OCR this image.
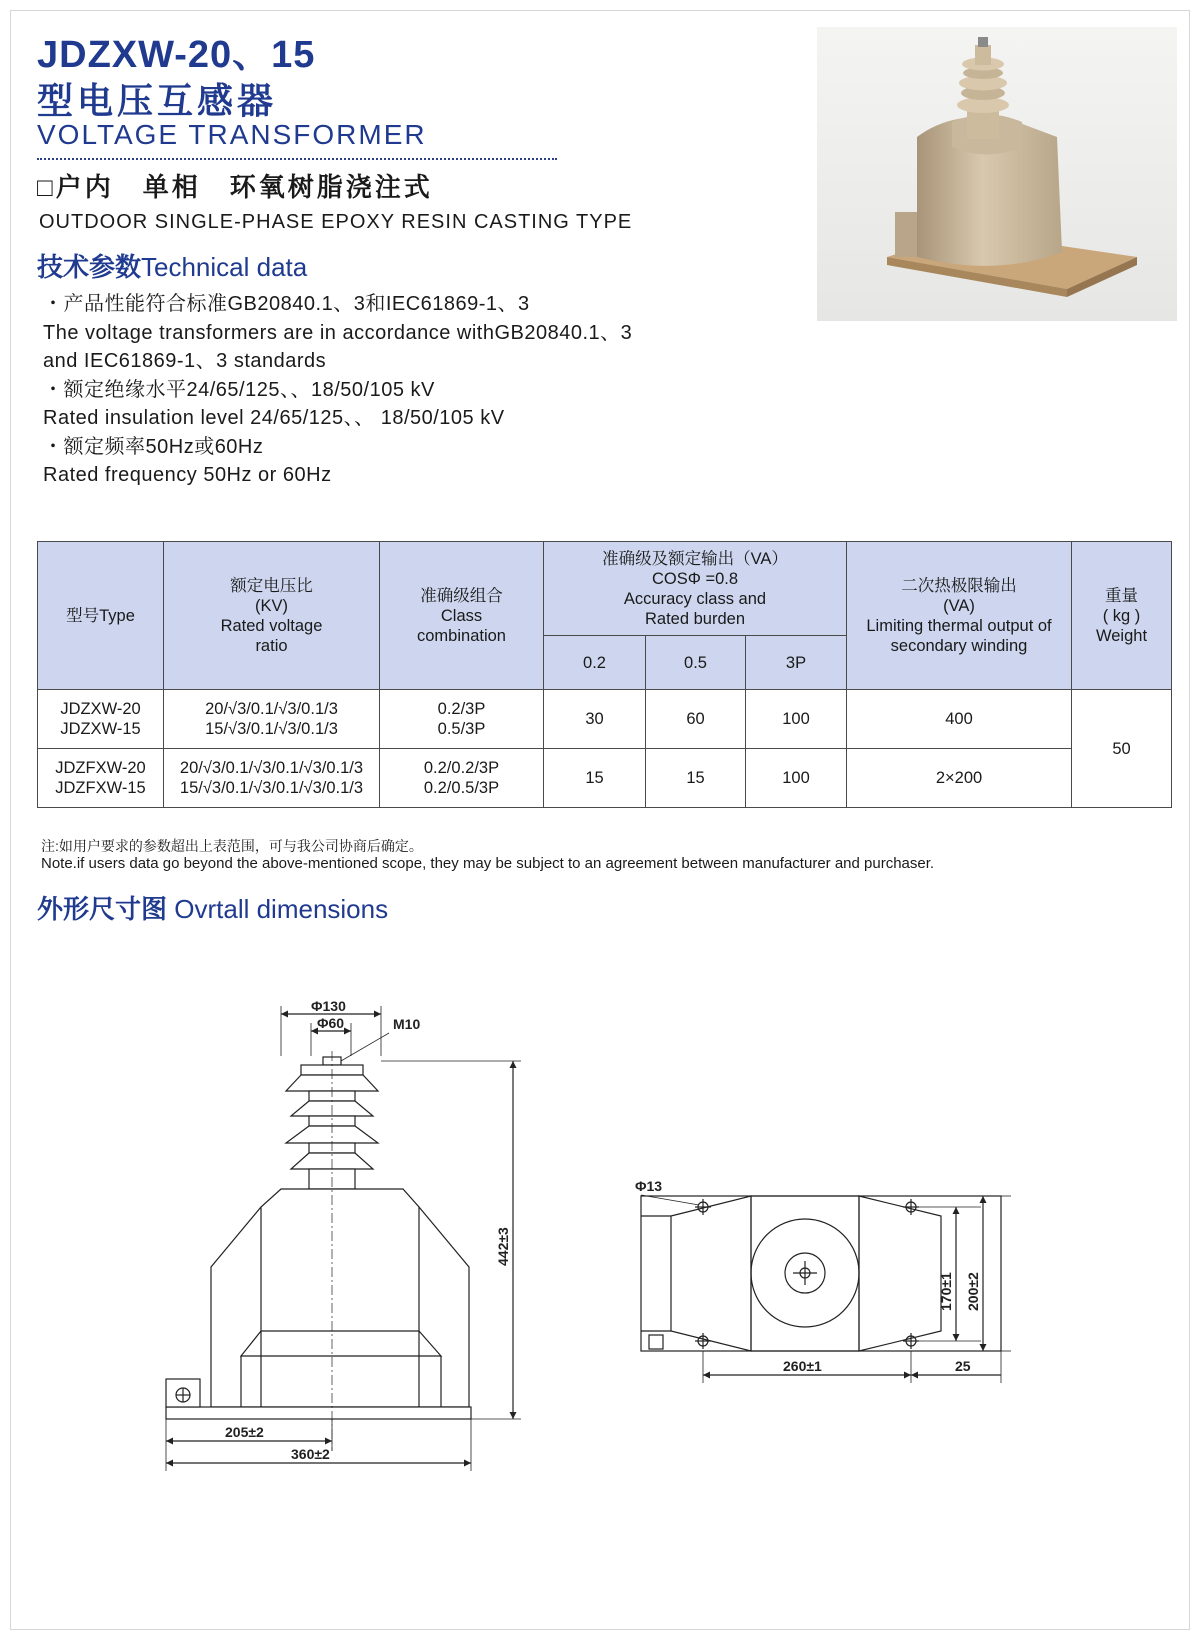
JDZXW-20、15
型电压互感器
VOLTAGE TRANSFORMER
□户内　单相　环氧树脂浇注式
OUTDOOR SINGLE-PHASE EPOXY RESIN CASTING TYPE
技术参数Technical data
・产品性能符合标准GB20840.1、3和IEC61869-1、3
The voltage transformers are in accordance withGB20840.1、3
and IEC61869-1、3 standards
・额定绝缘水平24/65/125、、18/50/105 kV
Rated insulation level 24/65/125、、 18/50/105 kV
・额定频率50Hz或60Hz
Rated frequency 50Hz or 60Hz
型号Type	额定电压比
(KV)
Rated voltage
ratio	准确级组合
Class
combination	准确级及额定输出（VA）
COSΦ =0.8
Accuracy class and
Rated burden			二次热极限输出
(VA)
Limiting thermal output of
secondary winding	重量
( kg )
Weight

			0.2	0.5	3P		

JDZXW-20
JDZXW-15	20/√3/0.1/√3/0.1/3
15/√3/0.1/√3/0.1/3	0.2/3P
0.5/3P	30	60	100	400	50

JDZFXW-20
JDZFXW-15	20/√3/0.1/√3/0.1/√3/0.1/3
15/√3/0.1/√3/0.1/√3/0.1/3	0.2/0.2/3P
0.2/0.5/3P	15	15	100	2×200	
注:如用户要求的参数超出上表范围，可与我公司协商后确定。
Note.if users data go beyond the above-mentioned scope, they may be subject to an agreement between manufacturer and purchaser.
外形尺寸图 Ovrtall dimensions
Φ130
Φ60	M10
442±3
205±2
360±2
Φ13
170±1 200±2
260±1	25
